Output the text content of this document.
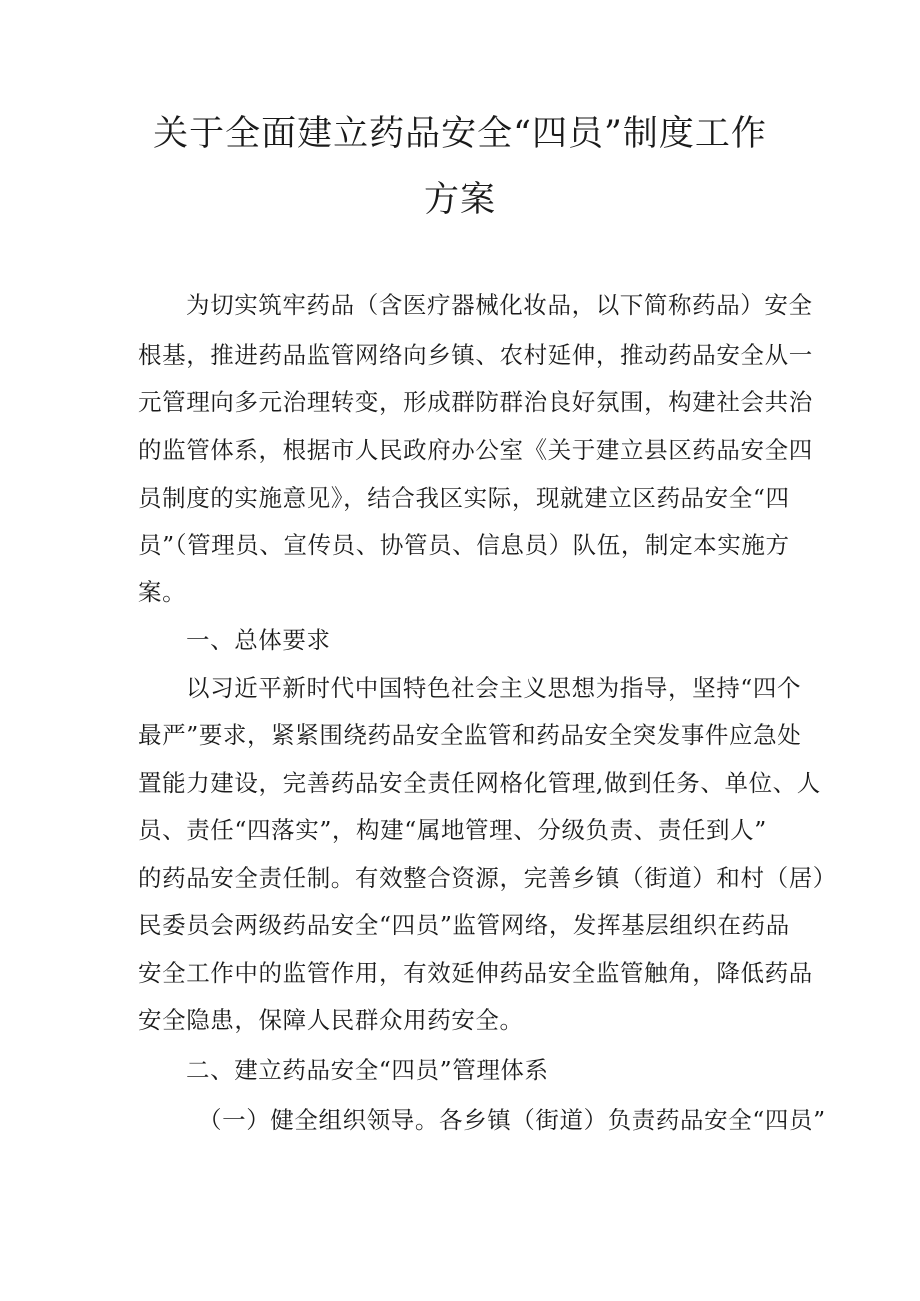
关于全面建立药品安全“四员”制度工作
方案
为切实筑牢药品（含医疗器械化妆品，以下简称药品）安全
根基，推进药品监管网络向乡镇、农村延伸，推动药品安全从一
元管理向多元治理转变，形成群防群治良好氛围，构建社会共治
的监管体系，根据市人民政府办公室《关于建立县区药品安全四
员制度的实施意见》，结合我区实际，现就建立区药品安全“四
员”（管理员、宣传员、协管员、信息员）队伍，制定本实施方
案。
一、总体要求
以习近平新时代中国特色社会主义思想为指导，坚持“四个
最严”要求，紧紧围绕药品安全监管和药品安全突发事件应急处
置能力建设，完善药品安全责任网格化管理,做到任务、单位、人
员、责任“四落实”，构建“属地管理、分级负责、责任到人”
的药品安全责任制。有效整合资源，完善乡镇（街道）和村（居）
民委员会两级药品安全“四员”监管网络，发挥基层组织在药品
安全工作中的监管作用，有效延伸药品安全监管触角，降低药品
安全隐患，保障人民群众用药安全。
二、建立药品安全“四员”管理体系
（一）健全组织领导。各乡镇（街道）负责药品安全“四员”
